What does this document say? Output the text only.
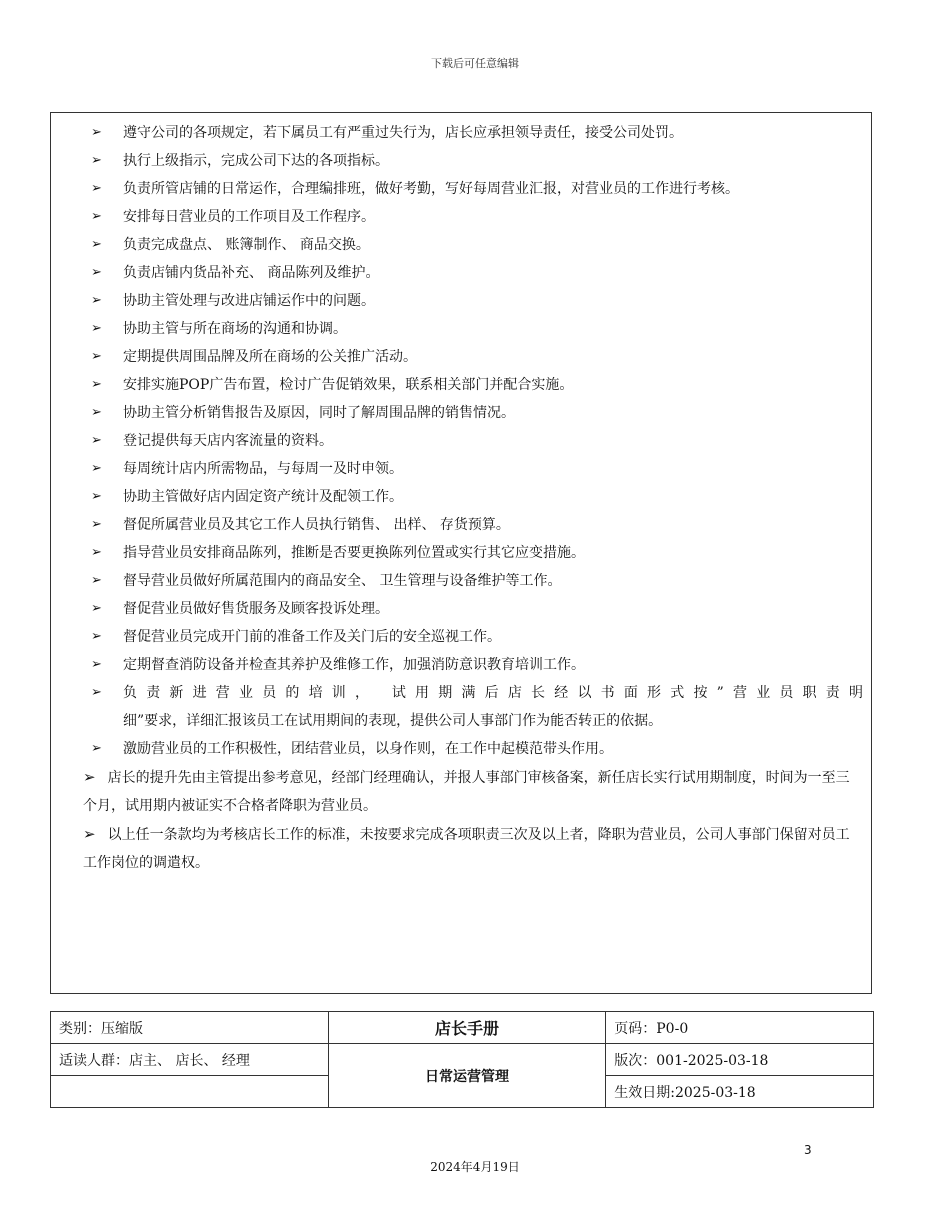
下载后可任意编辑
➢ 遵守公司的各项规定，若下属员工有严重过失行为，店长应承担领导责任，接受公司处罚。
➢ 执行上级指示，完成公司下达的各项指标。
➢ 负责所管店铺的日常运作，合理编排班，做好考勤，写好每周营业汇报，对营业员的工作进行考核。
➢ 安排每日营业员的工作项目及工作程序。
➢ 负责完成盘点、 账簿制作、 商品交换。
➢ 负责店铺内货品补充、 商品陈列及维护。
➢ 协助主管处理与改进店铺运作中的问题。
➢ 协助主管与所在商场的沟通和协调。
➢ 定期提供周围品牌及所在商场的公关推广活动。
➢ 安排实施POP广告布置，检讨广告促销效果，联系相关部门并配合实施。
➢ 协助主管分析销售报告及原因，同时了解周围品牌的销售情况。
➢ 登记提供每天店内客流量的资料。
➢ 每周统计店内所需物品，与每周一及时申领。
➢ 协助主管做好店内固定资产统计及配领工作。
➢ 督促所属营业员及其它工作人员执行销售、 出样、 存货预算。
➢ 指导营业员安排商品陈列，推断是否要更换陈列位置或实行其它应变措施。
➢ 督导营业员做好所属范围内的商品安全、 卫生管理与设备维护等工作。
➢ 督促营业员做好售货服务及顾客投诉处理。
➢ 督促营业员完成开门前的准备工作及关门后的安全巡视工作。
➢ 定期督查消防设备并检查其养护及维修工作，加强消防意识教育培训工作。
➢ 负责新进营业员的培训， 试用期满后店长经以书面形式按”营业员职责明
细”要求，详细汇报该员工在试用期间的表现，提供公司人事部门作为能否转正的依据。
➢ 激励营业员的工作积极性，团结营业员，以身作则，在工作中起模范带头作用。
➢ 店长的提升先由主管提出参考意见，经部门经理确认，并报人事部门审核备案，新任店长实行试用期制度，时间为一至三个月，试用期内被证实不合格者降职为营业员。
➢ 以上任一条款均为考核店长工作的标准，未按要求完成各项职责三次及以上者，降职为营业员，公司人事部门保留对员工工作岗位的调遣权。
类别：压缩版	店长手册	页码：P0-0
适读人群：店主、 店长、 经理	日常运营管理	版次：001-2025-03-18
		生效日期:2025-03-18
3
2024年4月19日
